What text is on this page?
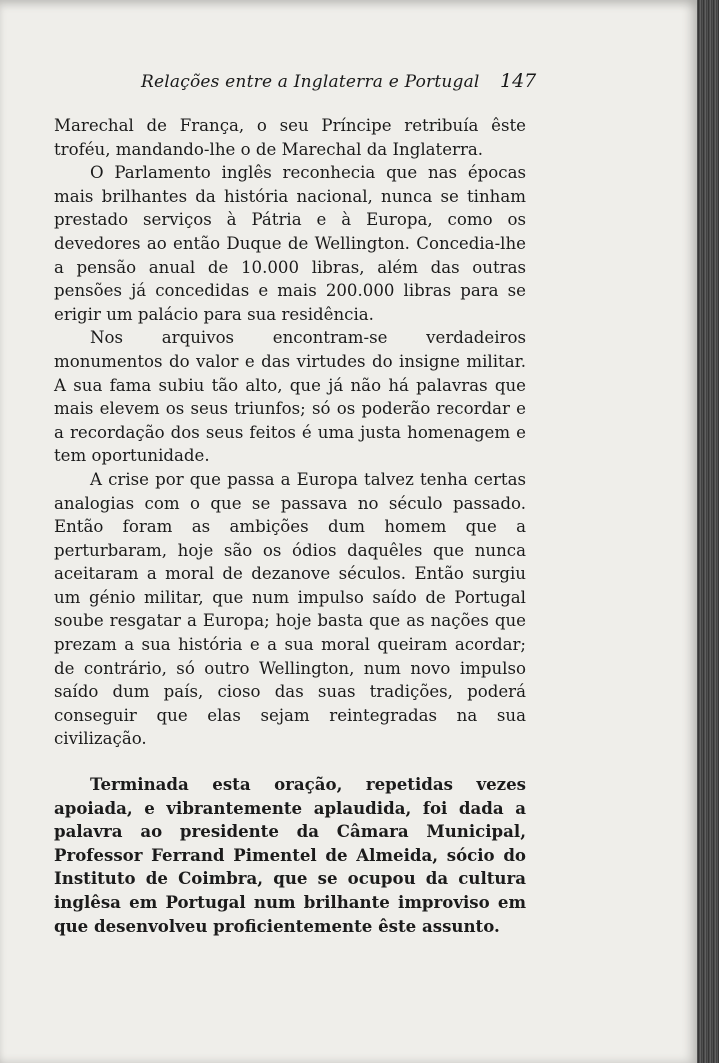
Relações entre a Inglaterra e Portugal 147

Marechal de França, o seu Príncipe retribuía êste troféu, mandando-lhe o de Marechal da Inglaterra.

O Parlamento inglês reconhecia que nas épocas mais brilhantes da história nacional, nunca se tinham prestado serviços à Pátria e à Europa, como os devedores ao então Duque de Wellington. Concedia-lhe a pensão anual de 10.000 libras, além das outras pensões já concedidas e mais 200.000 libras para se erigir um palácio para sua residência.

Nos arquivos encontram-se verdadeiros monumentos do valor e das virtudes do insigne militar. A sua fama subiu tão alto, que já não há palavras que mais elevem os seus triunfos; só os poderão recordar e a recordação dos seus feitos é uma justa homenagem e tem oportunidade.

A crise por que passa a Europa talvez tenha certas analogias com o que se passava no século passado. Então foram as ambições dum homem que a perturbaram, hoje são os ódios daquêles que nunca aceitaram a moral de dezanove séculos. Então surgiu um génio militar, que num impulso saído de Portugal soube resgatar a Europa; hoje basta que as nações que prezam a sua história e a sua moral queiram acordar; de contrário, só outro Wellington, num novo impulso saído dum país, cioso das suas tradições, poderá conseguir que elas sejam reintegradas na sua civilização.

Terminada esta oração, repetidas vezes apoiada, e vibrantemente aplaudida, foi dada a palavra ao presidente da Câmara Municipal, Professor Ferrand Pimentel de Almeida, sócio do Instituto de Coimbra, que se ocupou da cultura inglêsa em Portugal num brilhante improviso em que desenvolveu proficientemente êste assunto.
